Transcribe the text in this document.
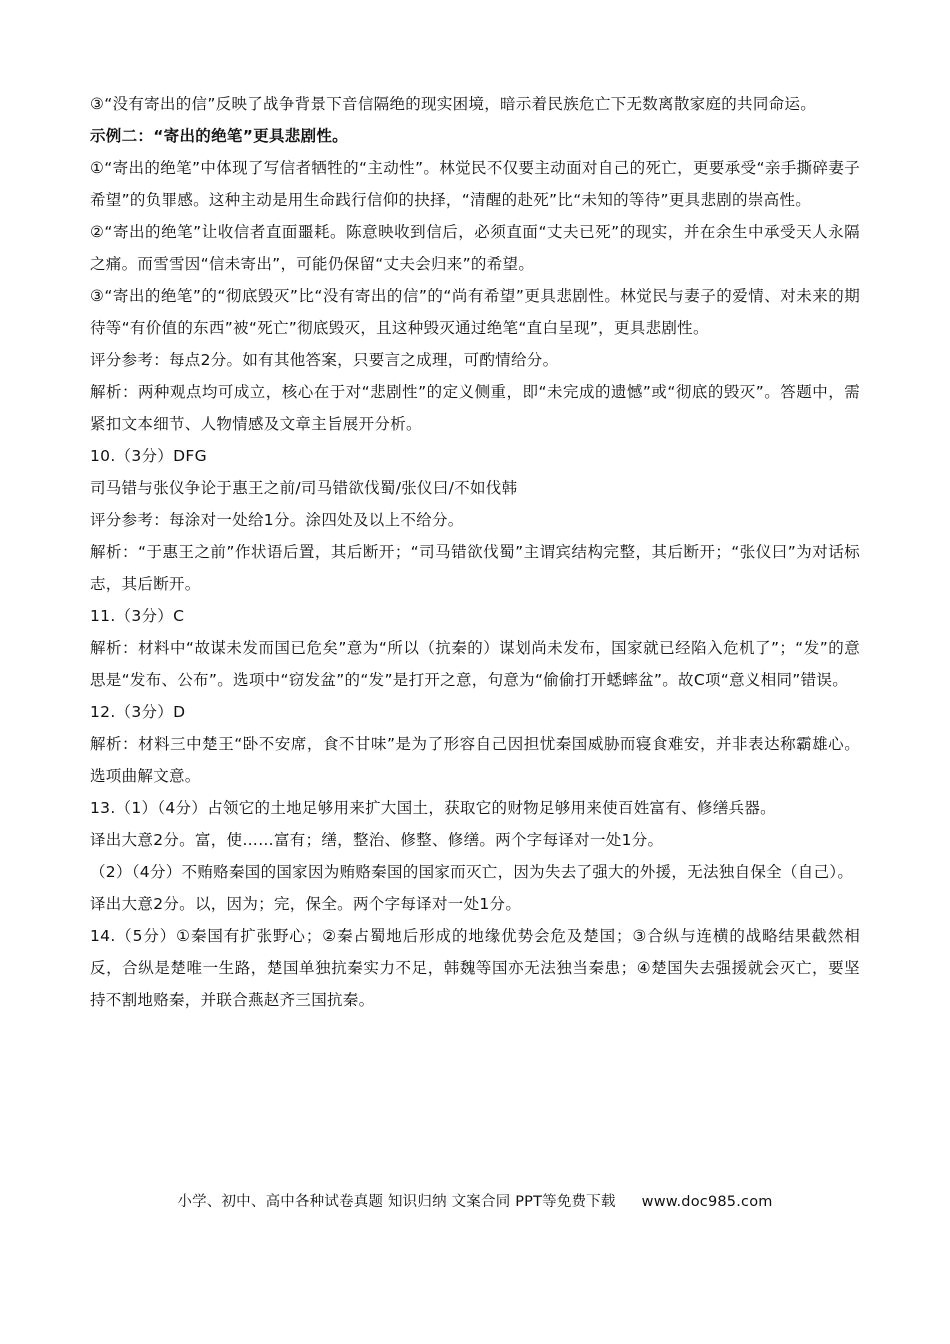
③“没有寄出的信”反映了战争背景下音信隔绝的现实困境，暗示着民族危亡下无数离散家庭的共同命运。

示例二：“寄出的绝笔”更具悲剧性。

①“寄出的绝笔”中体现了写信者牺牲的“主动性”。林觉民不仅要主动面对自己的死亡，更要承受“亲手撕碎妻子希望”的负罪感。这种主动是用生命践行信仰的抉择，“清醒的赴死”比“未知的等待”更具悲剧的崇高性。

②“寄出的绝笔”让收信者直面噩耗。陈意映收到信后，必须直面“丈夫已死”的现实，并在余生中承受天人永隔之痛。而雪雪因“信未寄出”，可能仍保留“丈夫会归来”的希望。

③“寄出的绝笔”的“彻底毁灭”比“没有寄出的信”的“尚有希望”更具悲剧性。林觉民与妻子的爱情、对未来的期待等“有价值的东西”被“死亡”彻底毁灭，且这种毁灭通过绝笔“直白呈现”，更具悲剧性。

评分参考：每点2分。如有其他答案，只要言之成理，可酌情给分。

解析：两种观点均可成立，核心在于对“悲剧性”的定义侧重，即“未完成的遗憾”或“彻底的毁灭”。答题中，需紧扣文本细节、人物情感及文章主旨展开分析。

10.（3分）DFG

司马错与张仪争论于惠王之前/司马错欲伐蜀/张仪曰/不如伐韩

评分参考：每涂对一处给1分。涂四处及以上不给分。

解析：“于惠王之前”作状语后置，其后断开；“司马错欲伐蜀”主谓宾结构完整，其后断开；“张仪曰”为对话标志，其后断开。

11.（3分）C

解析：材料中“故谋未发而国已危矣”意为“所以（抗秦的）谋划尚未发布，国家就已经陷入危机了”；“发”的意思是“发布、公布”。选项中“窃发盆”的“发”是打开之意，句意为“偷偷打开蟋蟀盆”。故C项“意义相同”错误。

12.（3分）D

解析：材料三中楚王“卧不安席，食不甘味”是为了形容自己因担忧秦国威胁而寝食难安，并非表达称霸雄心。选项曲解文意。

13.（1）（4分）占领它的土地足够用来扩大国土，获取它的财物足够用来使百姓富有、修缮兵器。

译出大意2分。富，使……富有；缮，整治、修整、修缮。两个字每译对一处1分。

（2）（4分）不贿赂秦国的国家因为贿赂秦国的国家而灭亡，因为失去了强大的外援，无法独自保全（自己）。

译出大意2分。以，因为；完，保全。两个字每译对一处1分。

14.（5分）①秦国有扩张野心；②秦占蜀地后形成的地缘优势会危及楚国；③合纵与连横的战略结果截然相反，合纵是楚唯一生路，楚国单独抗秦实力不足，韩魏等国亦无法独当秦患；④楚国失去强援就会灭亡，要坚持不割地赂秦，并联合燕赵齐三国抗秦。

小学、初中、高中各种试卷真题 知识归纳 文案合同 PPT等免费下载 www.doc985.com
